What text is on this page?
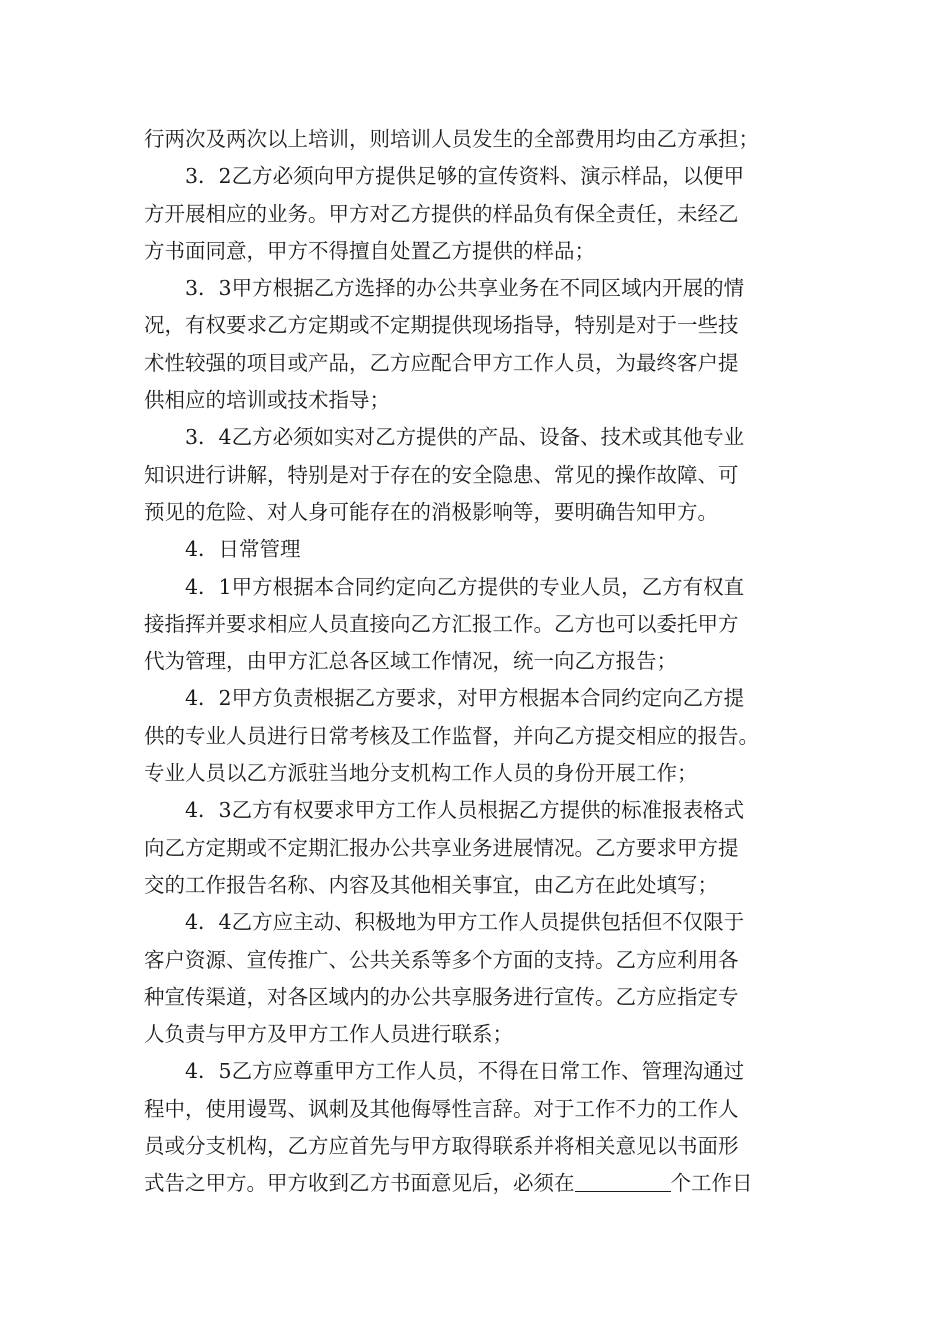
行两次及两次以上培训，则培训人员发生的全部费用均由乙方承担；
3．2乙方必须向甲方提供足够的宣传资料、演示样品，以便甲
方开展相应的业务。甲方对乙方提供的样品负有保全责任，未经乙
方书面同意，甲方不得擅自处置乙方提供的样品；
3．3甲方根据乙方选择的办公共享业务在不同区域内开展的情
况，有权要求乙方定期或不定期提供现场指导，特别是对于一些技
术性较强的项目或产品，乙方应配合甲方工作人员，为最终客户提
供相应的培训或技术指导；
3．4乙方必须如实对乙方提供的产品、设备、技术或其他专业
知识进行讲解，特别是对于存在的安全隐患、常见的操作故障、可
预见的危险、对人身可能存在的消极影响等，要明确告知甲方。
4．日常管理
4．1甲方根据本合同约定向乙方提供的专业人员，乙方有权直
接指挥并要求相应人员直接向乙方汇报工作。乙方也可以委托甲方
代为管理，由甲方汇总各区域工作情况，统一向乙方报告；
4．2甲方负责根据乙方要求，对甲方根据本合同约定向乙方提
供的专业人员进行日常考核及工作监督，并向乙方提交相应的报告。
专业人员以乙方派驻当地分支机构工作人员的身份开展工作；
4．3乙方有权要求甲方工作人员根据乙方提供的标准报表格式
向乙方定期或不定期汇报办公共享业务进展情况。乙方要求甲方提
交的工作报告名称、内容及其他相关事宜，由乙方在此处填写；
4．4乙方应主动、积极地为甲方工作人员提供包括但不仅限于
客户资源、宣传推广、公共关系等多个方面的支持。乙方应利用各
种宣传渠道，对各区域内的办公共享服务进行宣传。乙方应指定专
人负责与甲方及甲方工作人员进行联系；
4．5乙方应尊重甲方工作人员，不得在日常工作、管理沟通过
程中，使用谩骂、讽刺及其他侮辱性言辞。对于工作不力的工作人
员或分支机构，乙方应首先与甲方取得联系并将相关意见以书面形
式告之甲方。甲方收到乙方书面意见后，必须在	个工作日
